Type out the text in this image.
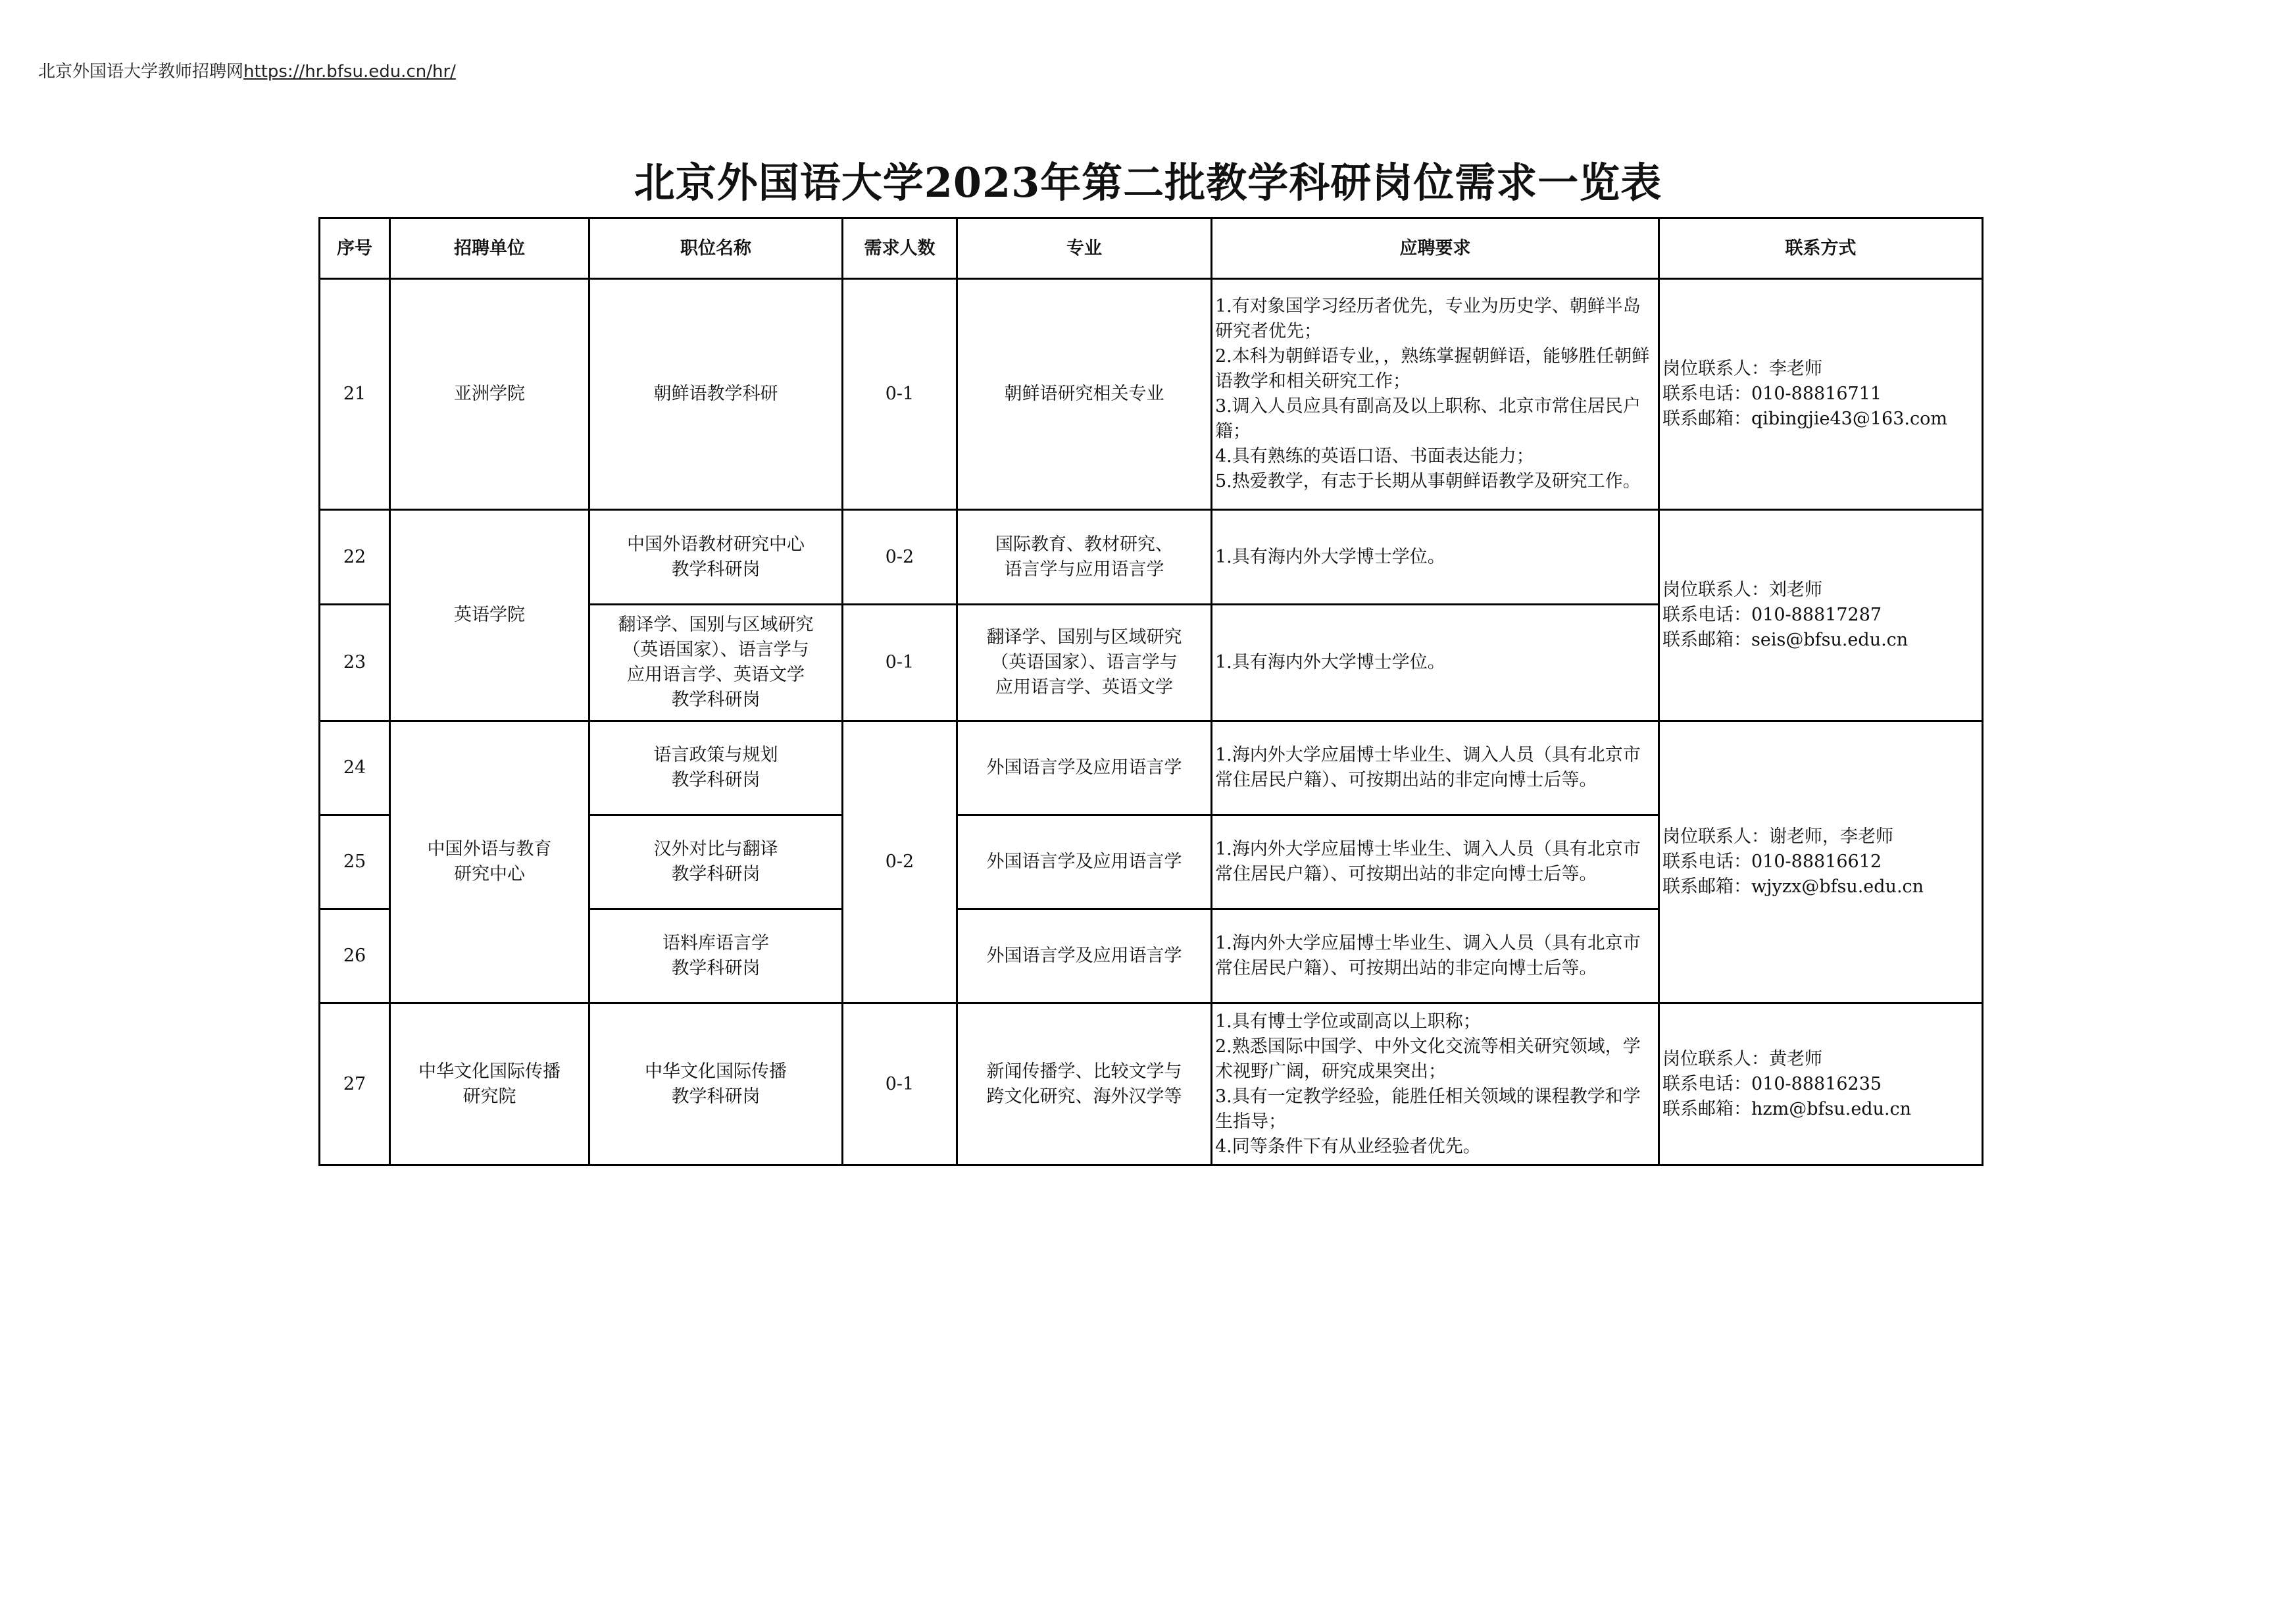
北京外国语大学教师招聘网https://hr.bfsu.edu.cn/hr/
北京外国语大学2023年第二批教学科研岗位需求一览表
序号	招聘单位	职位名称	需求人数	专业	应聘要求	联系方式
21	亚洲学院	朝鲜语教学科研	0-1	朝鲜语研究相关专业	1.有对象国学习经历者优先，专业为历史学、朝鲜半岛研究者优先；
2.本科为朝鲜语专业，，熟练掌握朝鲜语，能够胜任朝鲜语教学和相关研究工作；
3.调入人员应具有副高及以上职称、北京市常住居民户籍；
4.具有熟练的英语口语、书面表达能力；
5.热爱教学，有志于长期从事朝鲜语教学及研究工作。	岗位联系人：李老师
联系电话：010-88816711
联系邮箱：qibingjie43@163.com

22	英语学院	中国外语教材研究中心
教学科研岗	0-2	国际教育、教材研究、
语言学与应用语言学	1.具有海内外大学博士学位。	岗位联系人：刘老师
联系电话：010-88817287
联系邮箱：seis@bfsu.edu.cn

23		翻译学、国别与区域研究
（英语国家）、语言学与
应用语言学、英语文学
教学科研岗	0-1	翻译学、国别与区域研究
（英语国家）、语言学与
应用语言学、英语文学	1.具有海内外大学博士学位。	

24	中国外语与教育
研究中心	语言政策与规划
教学科研岗	0-2	外国语言学及应用语言学	1.海内外大学应届博士毕业生、调入人员（具有北京市常住居民户籍）、可按期出站的非定向博士后等。	岗位联系人：谢老师，李老师
联系电话：010-88816612
联系邮箱：wjyzx@bfsu.edu.cn

25		汉外对比与翻译
教学科研岗		外国语言学及应用语言学	1.海内外大学应届博士毕业生、调入人员（具有北京市常住居民户籍）、可按期出站的非定向博士后等。	

26		语料库语言学
教学科研岗		外国语言学及应用语言学	1.海内外大学应届博士毕业生、调入人员（具有北京市常住居民户籍）、可按期出站的非定向博士后等。	

27	中华文化国际传播
研究院	中华文化国际传播
教学科研岗	0-1	新闻传播学、比较文学与
跨文化研究、海外汉学等	1.具有博士学位或副高以上职称；
2.熟悉国际中国学、中外文化交流等相关研究领域，学术视野广阔，研究成果突出；
3.具有一定教学经验，能胜任相关领域的课程教学和学生指导；
4.同等条件下有从业经验者优先。	岗位联系人：黄老师
联系电话：010-88816235
联系邮箱：hzm@bfsu.edu.cn
